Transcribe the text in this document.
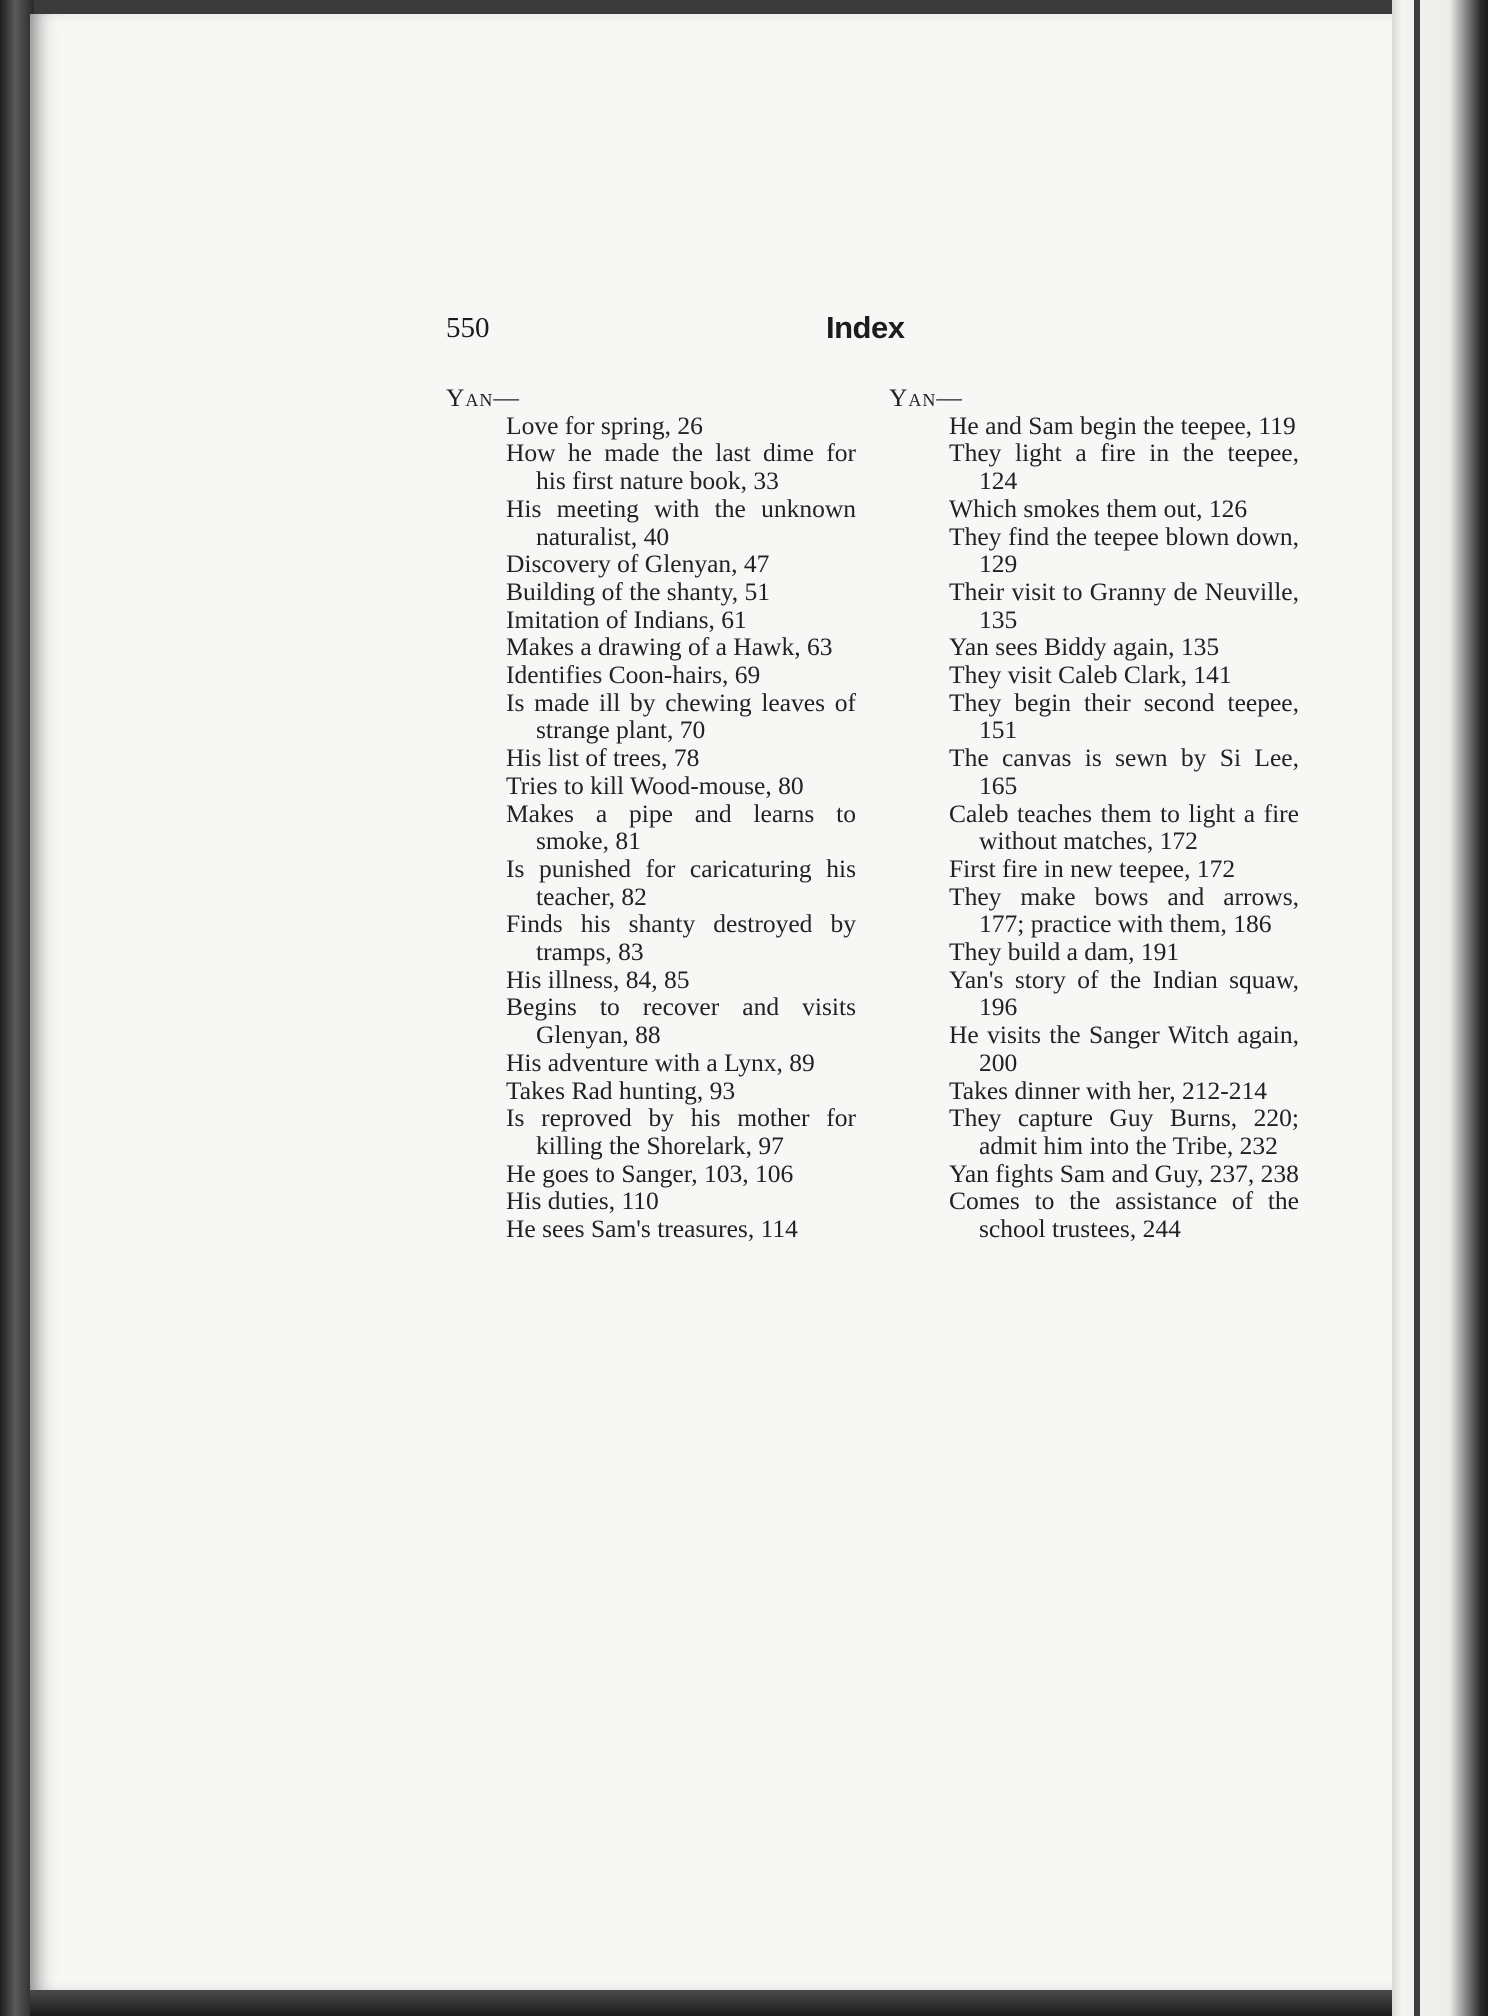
550	Index
Yan—
Love for spring, 26
How he made the last dime for his first nature book, 33
His meeting with the unknown naturalist, 40
Discovery of Glenyan, 47
Building of the shanty, 51
Imitation of Indians, 61
Makes a drawing of a Hawk, 63
Identifies Coon-hairs, 69
Is made ill by chewing leaves of strange plant, 70
His list of trees, 78
Tries to kill Wood-mouse, 80
Makes a pipe and learns to smoke, 81
Is punished for caricaturing his teacher, 82
Finds his shanty destroyed by tramps, 83
His illness, 84, 85
Begins to recover and visits Glenyan, 88
His adventure with a Lynx, 89
Takes Rad hunting, 93
Is reproved by his mother for killing the Shorelark, 97
He goes to Sanger, 103, 106
His duties, 110
He sees Sam's treasures, 114
Yan—
He and Sam begin the teepee, 119
They light a fire in the teepee, 124
Which smokes them out, 126
They find the teepee blown down, 129
Their visit to Granny de Neuville, 135
Yan sees Biddy again, 135
They visit Caleb Clark, 141
They begin their second teepee, 151
The canvas is sewn by Si Lee, 165
Caleb teaches them to light a fire without matches, 172
First fire in new teepee, 172
They make bows and arrows, 177; practice with them, 186
They build a dam, 191
Yan's story of the Indian squaw, 196
He visits the Sanger Witch again, 200
Takes dinner with her, 212-214
They capture Guy Burns, 220; admit him into the Tribe, 232
Yan fights Sam and Guy, 237, 238
Comes to the assistance of the school trustees, 244
